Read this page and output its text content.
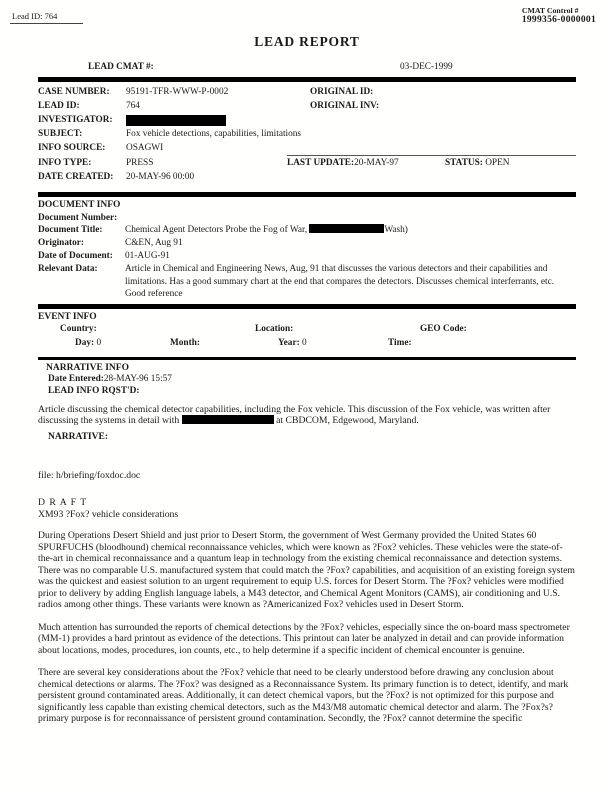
Lead ID: 764
CMAT Control #
1999356-0000001
LEAD REPORT
LEAD CMAT #:	03-DEC-1999
CASE NUMBER:	95191-TFR-WWW-P-0002	ORIGINAL ID:
LEAD ID:	764	ORIGINAL INV:
INVESTIGATOR:
SUBJECT:	Fox vehicle detections, capabilities, limitations
INFO SOURCE:	OSAGWI
INFO TYPE:	PRESS	LAST UPDATE:20-MAY-97	STATUS: OPEN
DATE CREATED:	20-MAY-96 00:00
DOCUMENT INFO
Document Number:
Document Title:	Chemical Agent Detectors Probe the Fog of War,	Wash)
Originator:	C&EN, Aug 91
Date of Document:	01-AUG-91
Relevant Data:	Article in Chemical and Engineering News, Aug, 91 that discusses the various detectors and their capabilities and limitations. Has a good summary chart at the end that compares the detectors. Discusses chemical interferrants, etc. Good reference
EVENT INFO
Country:	Location:	GEO Code:
Day: 0	Month:	Year: 0	Time:
NARRATIVE INFO
Date Entered:28-MAY-96 15:57
LEAD INFO RQST'D:
Article discussing the chemical detector capabilities, including the Fox vehicle. This discussion of the Fox vehicle, was written after discussing the systems in detail with	at CBDCOM, Edgewood, Maryland.
NARRATIVE:
file: h/briefing/foxdoc.doc
D R A F T
XM93 ?Fox? vehicle considerations
During Operations Desert Shield and just prior to Desert Storm, the government of West Germany provided the United States 60 SPURFUCHS (bloodhound) chemical reconnaissance vehicles, which were known as ?Fox? vehicles. These vehicles were the state-of-the-art in chemical reconnaissance and a quantum leap in technology from the existing chemical reconnaissance and detection systems. There was no comparable U.S. manufactured system that could match the ?Fox? capabilities, and acquisition of an existing foreign system was the quickest and easiest solution to an urgent requirement to equip U.S. forces for Desert Storm. The ?Fox? vehicles were modified prior to delivery by adding English language labels, a M43 detector, and Chemical Agent Monitors (CAMS), air conditioning and U.S. radios among other things. These variants were known as ?Americanized Fox? vehicles used in Desert Storm.
Much attention has surrounded the reports of chemical detections by the ?Fox? vehicles, especially since the on-board mass spectrometer (MM-1) provides a hard printout as evidence of the detections. This printout can later be analyzed in detail and can provide information about locations, modes, procedures, ion counts, etc., to help determine if a specific incident of chemical encounter is genuine.
There are several key considerations about the ?Fox? vehicle that need to be clearly understood before drawing any conclusion about chemical detections or alarms. The ?Fox? was designed as a Reconnaissance System. Its primary function is to detect, identify, and mark persistent ground contaminated areas. Additionally, it can detect chemical vapors, but the ?Fox? is not optimized for this purpose and significantly less capable than existing chemical detectors, such as the M43/M8 automatic chemical detector and alarm. The ?Fox?s? primary purpose is for reconnaissance of persistent ground contamination. Secondly, the ?Fox? cannot determine the specific
